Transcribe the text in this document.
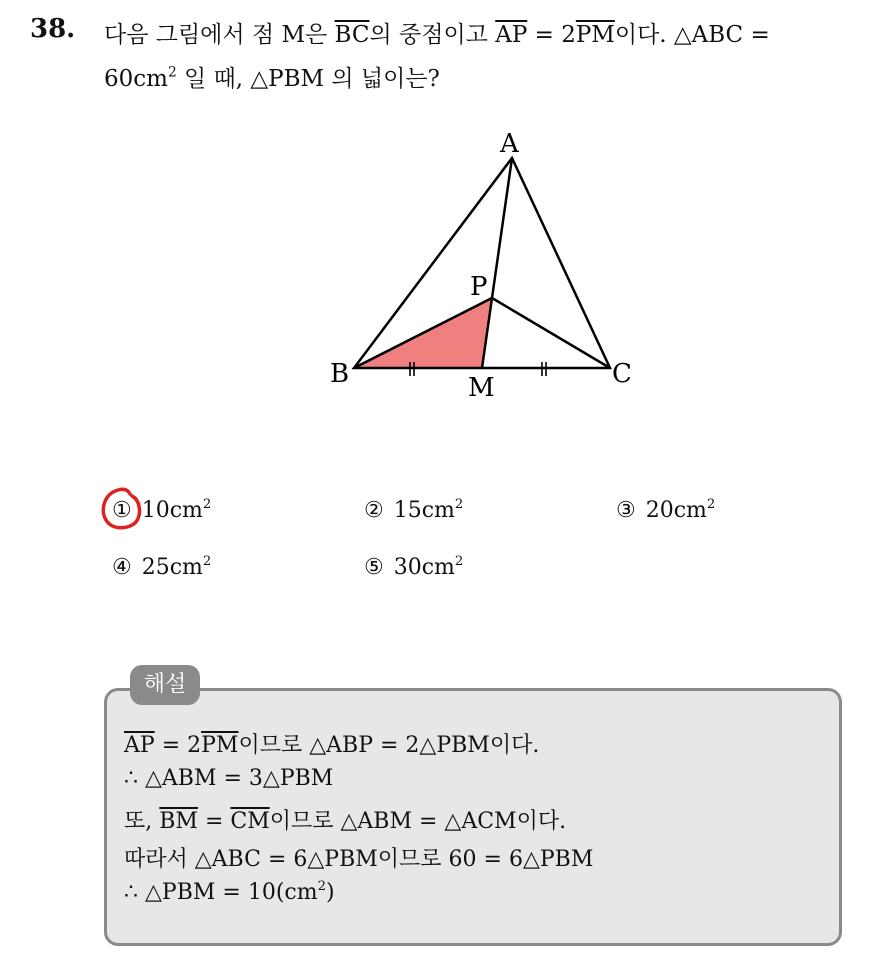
38. 다음 그림에서 점 M은 $\overline{BC}$의 중점이고 $\overline{AP} = 2\overline{PM}$이다. △ABC =
$60cm^2$ 일 때, △PBM 의 넓이는?
A
B	C
P
M
① $10cm^2$	② $15cm^2$	③ $20cm^2$
④ $25cm^2$	⑤ $30cm^2$
해설
$\overline{AP} = 2\overline{PM}$이므로 △ABP = 2△PBM이다.
∴ △ABM = 3△PBM
또, $\overline{BM} = \overline{CM}$이므로 △ABM = △ACM이다.
따라서 △ABC = 6△PBM이므로 60 = 6△PBM
∴ △PBM = $10(cm^2)$
